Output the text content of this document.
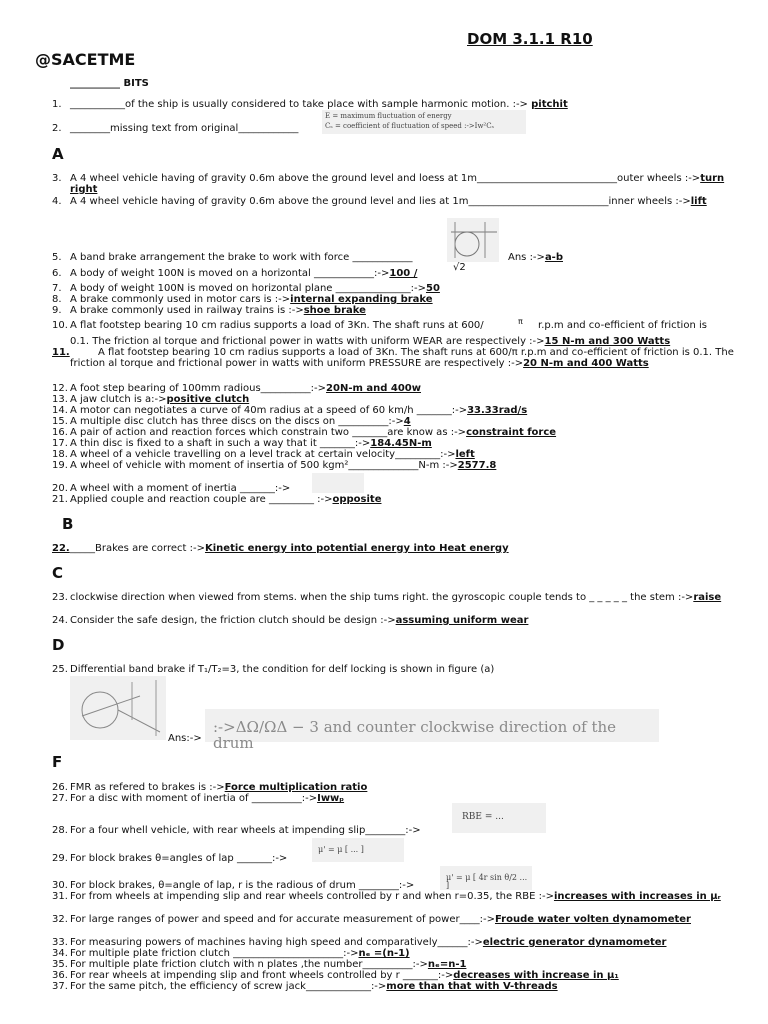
DOM 3.1.1 R10
@SACETME
__________ BITS
1. ___________of the ship is usually considered to take place with sample harmonic motion. :-> pitchit
2. ________missing text from original____________
E = maximum fluctuation of energy
Cₛ = coefficient of fluctuation of speed :->Iw²Cₛ
A
3. A 4 wheel vehicle having of gravity 0.6m above the ground level and loess at 1m____________________________outer wheels :->turn right
4. A 4 wheel vehicle having of gravity 0.6m above the ground level and lies at 1m____________________________inner wheels :->lift
5. A band brake arrangement the brake to work with force ____________	Ans :->a-b
6. A body of weight 100N is moved on a horizontal ____________:->100 /
√2
7. A body of weight 100N is moved on horizontal plane _______________:->50
8. A brake commonly used in motor cars is :->internal expanding brake
9. A brake commonly used in railway trains is :->shoe brake
10. A flat footstep bearing 10 cm radius supports a load of 3Kn. The shaft runs at 600/	π r.p.m and co-efficient of friction is
0.1. The friction al torque and frictional power in watts with uniform WEAR are respectively :->15 N-m and 300 Watts
11.	A flat footstep bearing 10 cm radius supports a load of 3Kn. The shaft runs at 600/π r.p.m and co-efficient of friction is 0.1. The friction al torque and frictional power in watts with uniform PRESSURE are respectively :->20 N-m and 400 Watts
12. A foot step bearing of 100mm radious__________:->20N-m and 400w
13. A jaw clutch is a:->positive clutch
14. A motor can negotiates a curve of 40m radius at a speed of 60 km/h _______:->33.33rad/s
15. A multiple disc clutch has three discs on the discs on __________:->4
16. A pair of action and reaction forces which constrain two _______are know as :->constraint force
17. A thin disc is fixed to a shaft in such a way that it _______:->184.45N-m
18. A wheel of a vehicle travelling on a level track at certain velocity_________:->left
19. A wheel of vehicle with moment of insertia of 500 kgm²______________N-m :->2577.8
20. A wheel with a moment of inertia _______:->
21. Applied couple and reaction couple are _________ :->opposite
B
22._____Brakes are correct :->Kinetic energy into potential energy into Heat energy
C
23. clockwise direction when viewed from stems. when the ship tums right. the gyroscopic couple tends to _ _ _ _ _ the stem :->raise
24. Consider the safe design, the friction clutch should be design :->assuming uniform wear
D
25. Differential band brake if T₁/T₂=3, the condition for delf locking is shown in figure (a)
Ans:->
:->ΔΩ/ΩΔ − 3 and counter clockwise direction of the drum
F
26. FMR as refered to brakes is :->Force multiplication ratio
27. For a disc with moment of inertia of __________:->Iwwₚ
RBE = ...
28. For a four whell vehicle, with rear wheels at impending slip________:->
μ' = μ [ ... ]
29. For block brakes θ=angles of lap _______:->
μ' = μ [ 4r sin θ/2 ... ]
30. For block brakes, θ=angle of lap, r is the radious of drum ________:->
31. For from wheels at impending slip and rear wheels controlled by r and when r=0.35, the RBE :->increases with increases in μᵣ
32. For large ranges of power and speed and for accurate measurement of power____:->Froude water volten dynamometer
33. For measuring powers of machines having high speed and comparatively______:->electric generator dynamometer
34. For multiple plate friction clutch ______________________:->nₑ =(n-1)
35. For multiple plate friction clutch with n plates ,the number__________:->nₑ=n-1
36. For rear wheels at impending slip and front wheels controlled by r _______:->decreases with increase in μ₁
37. For the same pitch, the efficiency of screw jack_____________:->more than that with V-threads
